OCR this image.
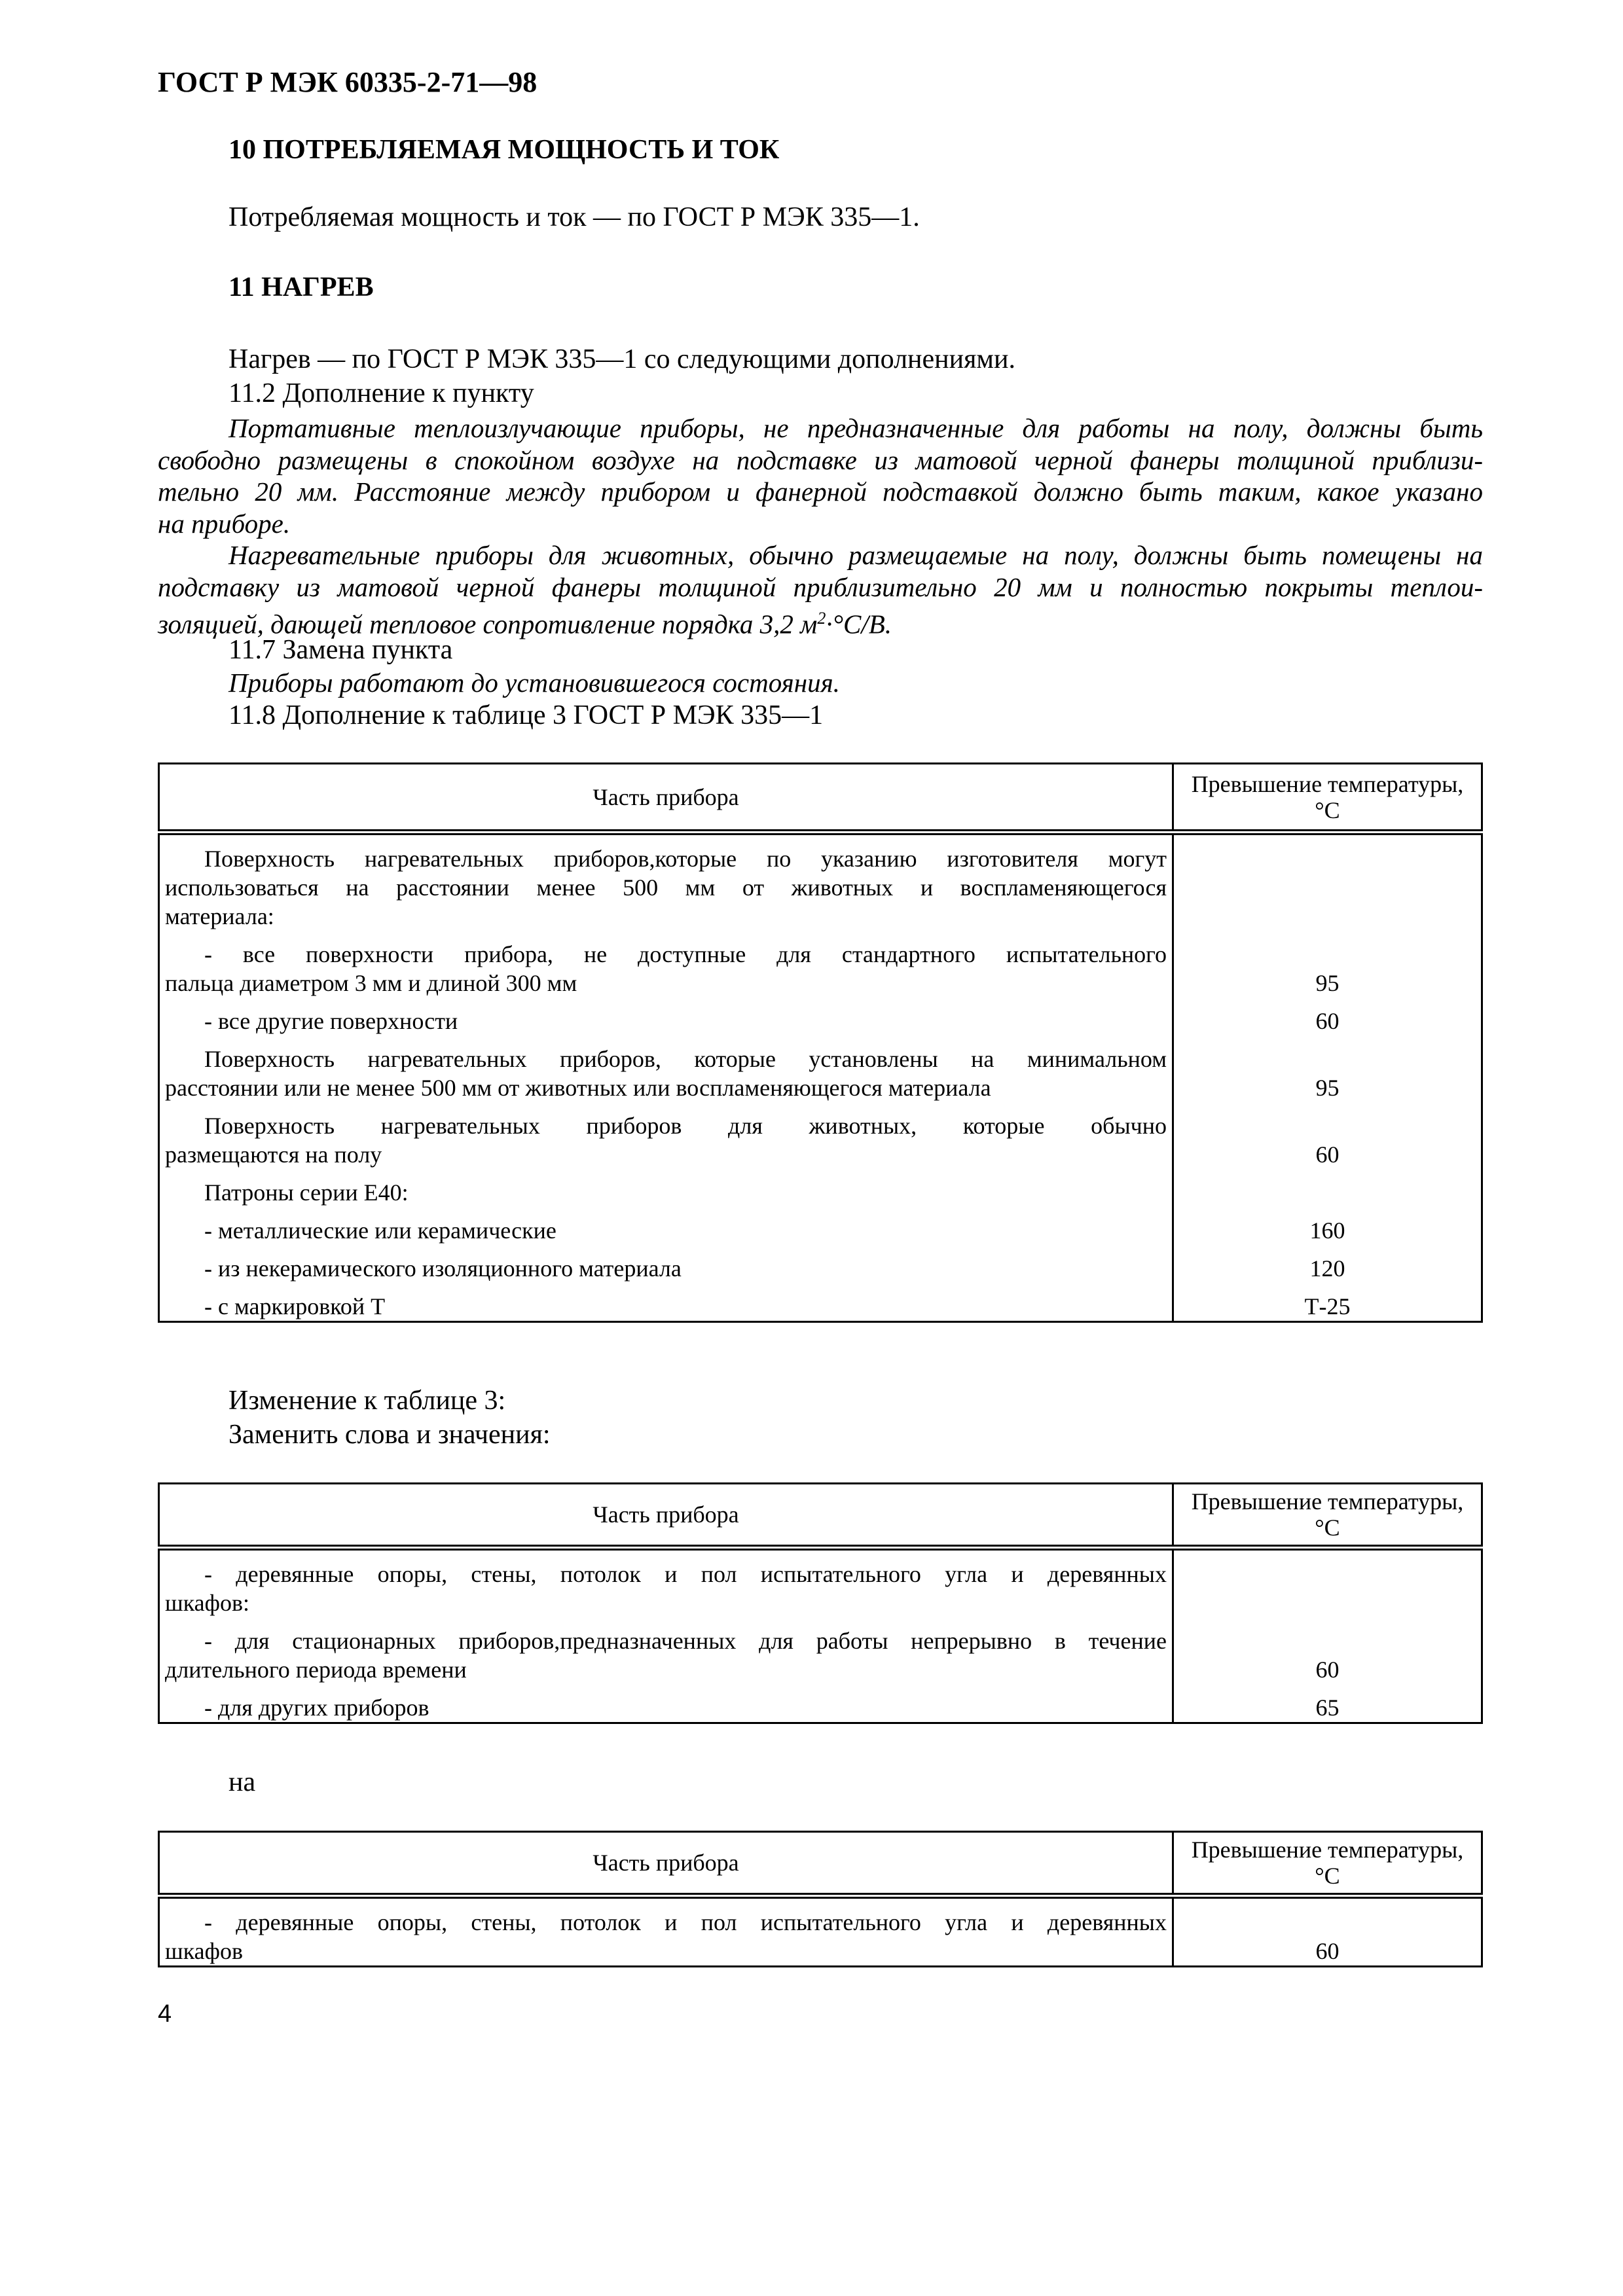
ГОСТ Р МЭК 60335-2-71—98
10 ПОТРЕБЛЯЕМАЯ МОЩНОСТЬ И ТОК
Потребляемая мощность и ток — по ГОСТ Р МЭК 335—1.
11 НАГРЕВ
Нагрев — по ГОСТ Р МЭК 335—1 со следующими дополнениями.
11.2 Дополнение к пункту
Портативные теплоизлучающие приборы, не предназначенные для работы на полу, должны быть
свободно размещены в спокойном воздухе на подставке из матовой черной фанеры толщиной приблизи-
тельно 20 мм. Расстояние между прибором и фанерной подставкой должно быть таким, какое указано
на приборе.
Нагревательные приборы для животных, обычно размещаемые на полу, должны быть помещены на
подставку из матовой черной фанеры толщиной приблизительно 20 мм и полностью покрыты теплои-
золяцией, дающей тепловое сопротивление порядка 3,2 $м^2\cdot^\circ С/В$.
11.7 Замена пункта
Приборы работают до установившегося состояния.
11.8 Дополнение к таблице 3 ГОСТ Р МЭК 335—1
Часть прибора	Превышение температуры,
°С

Поверхность нагревательных приборов,которые по указанию изготовителя могут
использоваться на расстоянии менее 500 мм от животных и воспламеняющегося
материала:	

- все поверхности прибора, не доступные для стандартного испытательного
пальца диаметром 3 мм и длиной 300 мм	95

- все другие поверхности	60

Поверхность нагревательных приборов, которые установлены на минимальном
расстоянии или не менее 500 мм от животных или воспламеняющегося материала	95

Поверхность нагревательных приборов для животных, которые обычно
размещаются на полу	60

Патроны серии Е40:	

- металлические или керамические	160

- из некерамического изоляционного материала	120

- с маркировкой Т	Т-25
Изменение к таблице 3:
Заменить слова и значения:
Часть прибора	Превышение температуры,
°С

- деревянные опоры, стены, потолок и пол испытательного угла и деревянных
шкафов:	

- для стационарных приборов,предназначенных для работы непрерывно в течение
длительного периода времени	60

- для других приборов	65
на
Часть прибора	Превышение температуры,
°С

- деревянные опоры, стены, потолок и пол испытательного угла и деревянных
шкафов	60
4
